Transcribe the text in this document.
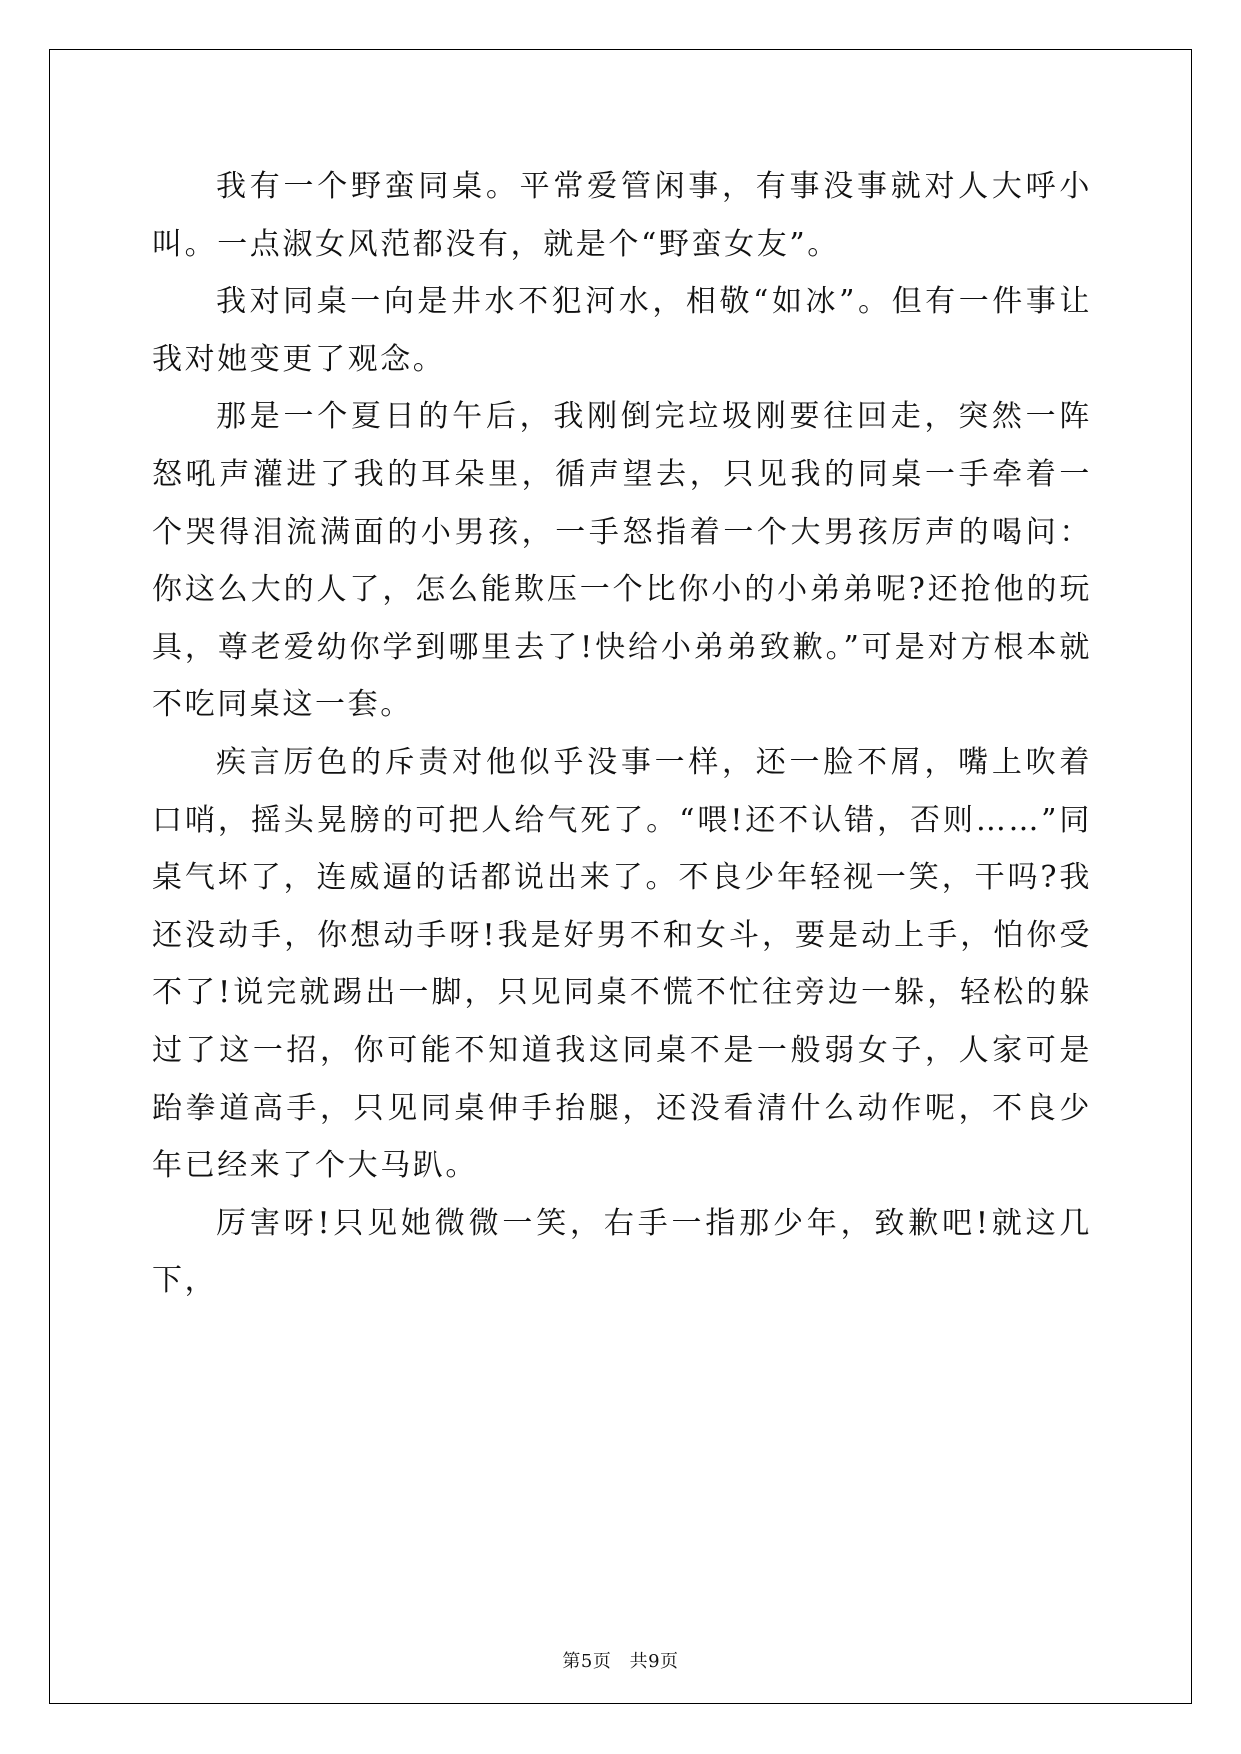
我有一个野蛮同桌。平常爱管闲事，有事没事就对人大呼小叫。一点淑女风范都没有，就是个“野蛮女友”。

我对同桌一向是井水不犯河水，相敬“如冰”。但有一件事让我对她变更了观念。

那是一个夏日的午后，我刚倒完垃圾刚要往回走，突然一阵怒吼声灌进了我的耳朵里，循声望去，只见我的同桌一手牵着一个哭得泪流满面的小男孩，一手怒指着一个大男孩厉声的喝问：你这么大的人了，怎么能欺压一个比你小的小弟弟呢?还抢他的玩具，尊老爱幼你学到哪里去了!快给小弟弟致歉。”可是对方根本就不吃同桌这一套。

疾言厉色的斥责对他似乎没事一样，还一脸不屑，嘴上吹着口哨，摇头晃膀的可把人给气死了。“喂!还不认错，否则……”同桌气坏了，连威逼的话都说出来了。不良少年轻视一笑，干吗?我还没动手，你想动手呀!我是好男不和女斗，要是动上手，怕你受不了!说完就踢出一脚，只见同桌不慌不忙往旁边一躲，轻松的躲过了这一招，你可能不知道我这同桌不是一般弱女子，人家可是跆拳道高手，只见同桌伸手抬腿，还没看清什么动作呢，不良少年已经来了个大马趴。

厉害呀!只见她微微一笑，右手一指那少年，致歉吧!就这几下，

第5页 共9页
